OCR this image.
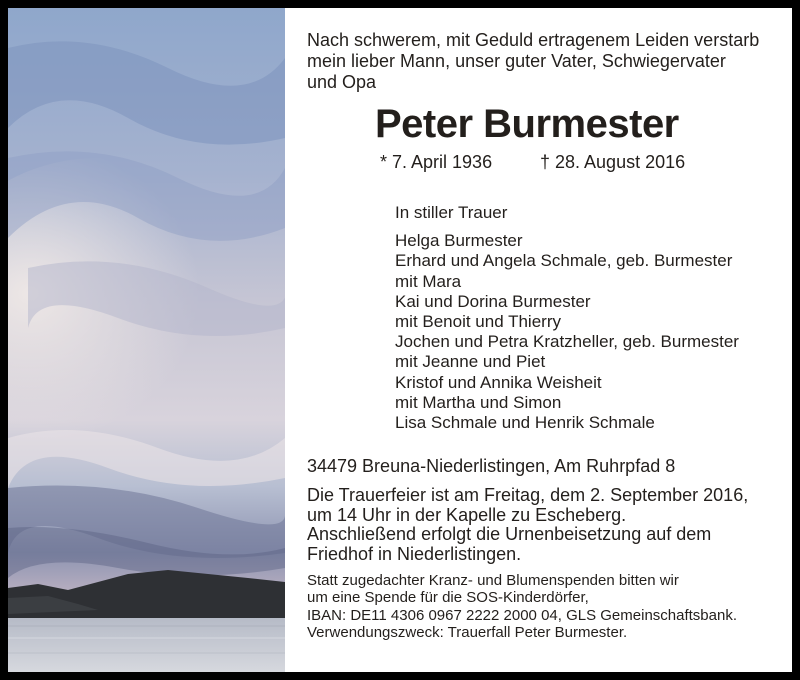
Nach schwerem, mit Geduld ertragenem Leiden verstarb
mein lieber Mann, unser guter Vater, Schwiegervater
und Opa

Peter Burmester
* 7. April 1936	† 28. August 2016
In stiller Trauer
Helga Burmester
Erhard und Angela Schmale, geb. Burmester
mit Mara
Kai und Dorina Burmester
mit Benoit und Thierry
Jochen und Petra Kratzheller, geb. Burmester
mit Jeanne und Piet
Kristof und Annika Weisheit
mit Martha und Simon
Lisa Schmale und Henrik Schmale
34479 Breuna-Niederlistingen, Am Ruhrpfad 8
Die Trauerfeier ist am Freitag, dem 2. September 2016,
um 14 Uhr in der Kapelle zu Escheberg.
Anschließend erfolgt die Urnenbeisetzung auf dem
Friedhof in Niederlistingen.
Statt zugedachter Kranz- und Blumenspenden bitten wir
um eine Spende für die SOS-Kinderdörfer,
IBAN: DE11 4306 0967 2222 2000 04, GLS Gemeinschaftsbank.
Verwendungszweck: Trauerfall Peter Burmester.
